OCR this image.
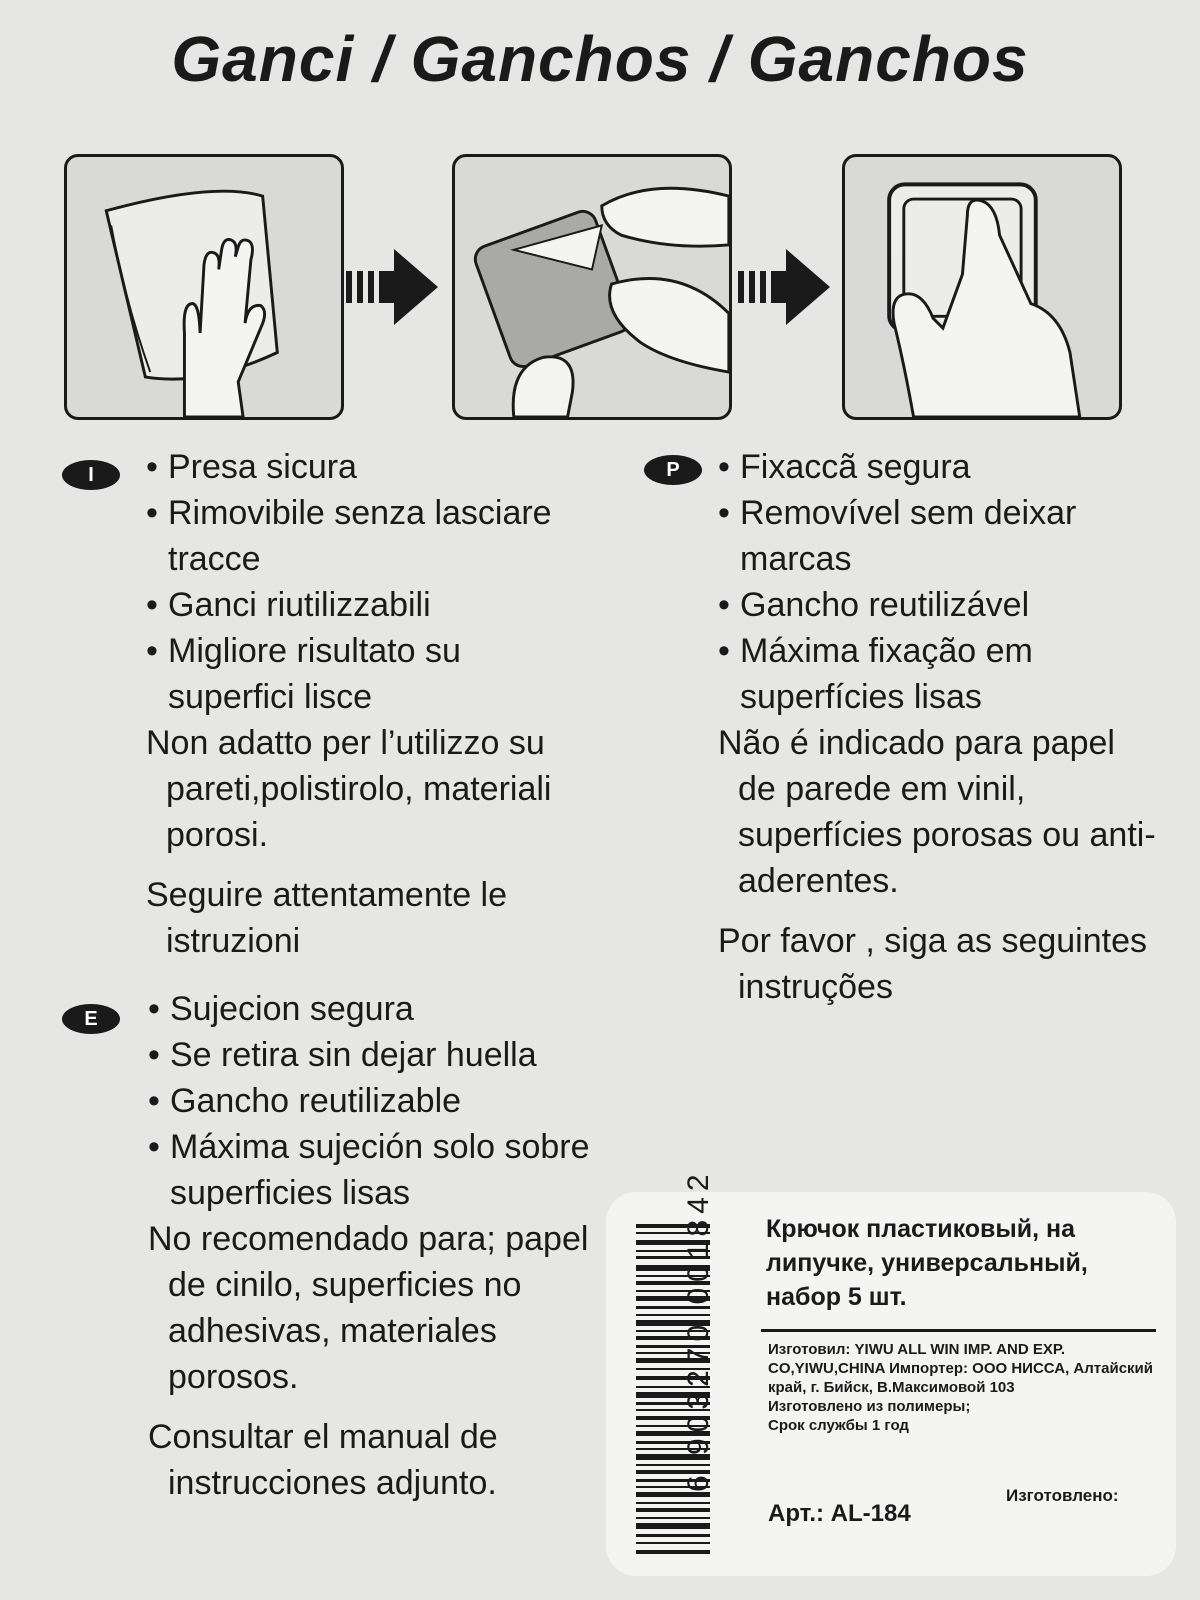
Ganci / Ganchos / Ganchos
I	• Presa sicura
• Rimovibile senza lasciare tracce
• Ganci riutilizzabili
• Migliore risultato su superfici lisce
Non adatto per l’utilizzo su pareti,polistirolo, materiali porosi.
Seguire attentamente le istruzioni
P	• Fixaccã segura
• Removível sem deixar marcas
• Gancho reutilizável
• Máxima fixação em superfícies lisas
Não é indicado para papel de parede em vinil, superfícies porosas ou anti-aderentes.
Por favor , siga as seguintes instruções
E	• Sujecion segura
• Se retira sin dejar huella
• Gancho reutilizable
• Máxima sujeción solo sobre superficies lisas
No recomendado para; papel de cinilo, superficies no adhesivas, materiales porosos.
Consultar el manual de instrucciones adjunto.	6 903270 001842 Крючок пластиковый, на липучке, универсальный, набор 5 шт.
Изготовил: YIWU ALL WIN IMP. AND EXP. CO,YIWU,CHINA Импортер: ООО НИССА, Алтайский край, г. Бийск, В.Максимовой 103
Изготовлено из полимеры;
Срок службы 1 год
Изготовлено:
Арт.: AL-184
